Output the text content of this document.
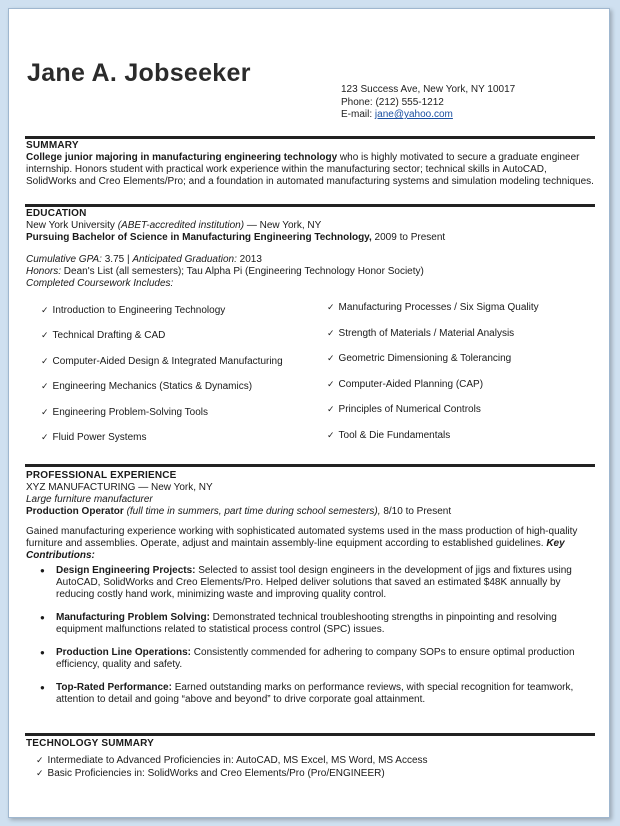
Jane A. Jobseeker
123 Success Ave, New York, NY 10017
Phone: (212) 555-1212
E-mail: jane@yahoo.com
SUMMARY
College junior majoring in manufacturing engineering technology who is highly motivated to secure a graduate engineer internship. Honors student with practical work experience within the manufacturing sector; technical skills in AutoCAD, SolidWorks and Creo Elements/Pro; and a foundation in automated manufacturing systems and simulation modeling techniques.
EDUCATION
New York University (ABET-accredited institution) — New York, NY
Pursuing Bachelor of Science in Manufacturing Engineering Technology, 2009 to Present
Cumulative GPA: 3.75 | Anticipated Graduation: 2013
Honors: Dean's List (all semesters); Tau Alpha Pi (Engineering Technology Honor Society)
Completed Coursework Includes:
✓ Introduction to Engineering Technology
✓ Technical Drafting & CAD
✓ Computer-Aided Design & Integrated Manufacturing
✓ Engineering Mechanics (Statics & Dynamics)
✓ Engineering Problem-Solving Tools
✓ Fluid Power Systems
✓ Manufacturing Processes / Six Sigma Quality
✓ Strength of Materials / Material Analysis
✓ Geometric Dimensioning & Tolerancing
✓ Computer-Aided Planning (CAP)
✓ Principles of Numerical Controls
✓ Tool & Die Fundamentals
PROFESSIONAL EXPERIENCE
XYZ MANUFACTURING — New York, NY
Large furniture manufacturer
Production Operator (full time in summers, part time during school semesters), 8/10 to Present
Gained manufacturing experience working with sophisticated automated systems used in the mass production of high-quality furniture and assemblies. Operate, adjust and maintain assembly-line equipment according to established guidelines. Key Contributions:
● Design Engineering Projects: Selected to assist tool design engineers in the development of jigs and fixtures using AutoCAD, SolidWorks and Creo Elements/Pro. Helped deliver solutions that saved an estimated $48K annually by reducing costly hand work, minimizing waste and improving quality control.
● Manufacturing Problem Solving: Demonstrated technical troubleshooting strengths in pinpointing and resolving equipment malfunctions related to statistical process control (SPC) issues.
● Production Line Operations: Consistently commended for adhering to company SOPs to ensure optimal production efficiency, quality and safety.
● Top-Rated Performance: Earned outstanding marks on performance reviews, with special recognition for teamwork, attention to detail and going “above and beyond” to drive corporate goal attainment.
TECHNOLOGY SUMMARY
✓ Intermediate to Advanced Proficiencies in: AutoCAD, MS Excel, MS Word, MS Access
✓ Basic Proficiencies in: SolidWorks and Creo Elements/Pro (Pro/ENGINEER)
